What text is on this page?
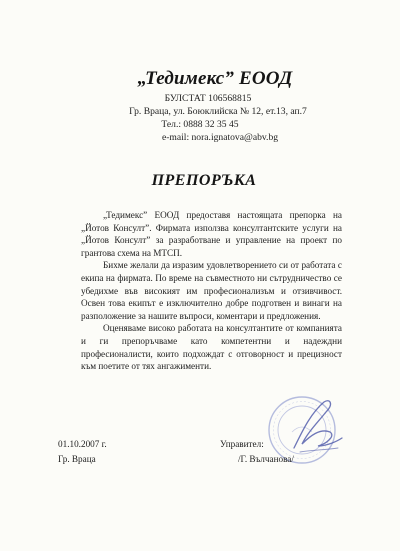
„Тедимекс” ЕООД
БУЛСТАТ 106568815
Гр. Враца, ул. Боюклийска № 12, ет.13, ап.7
Тел.: 0888 32 35 45
e-mail: nora.ignatova@abv.bg
ПРЕПОРЪКА

„Тедимекс” ЕООД предоставя настоящата препорка на „Йотов Консулт”. Фирмата използва консултантските услуги на „Йотов Консулт” за разработване и управление на проект по грантова схема на МТСП.

Бихме желали да изразим удовлетворението си от работата с екипа на фирмата. По време на съвместното ни сътрудничество се убедихме във високият им професионализъм и отзивчивост. Освен това екипът е изключително добре подготвен и винаги на разположение за нашите въпроси, коментари и предложения.

Оценяваме високо работата на консултантите от компанията и ги препоръчваме като компетентни и надеждни професионалисти, които подхождат с отговорност и прецизност към поетите от тях ангажименти.

01.10.2007 г.
Гр. Враца
Управител:
/Г. Вълчанова/
